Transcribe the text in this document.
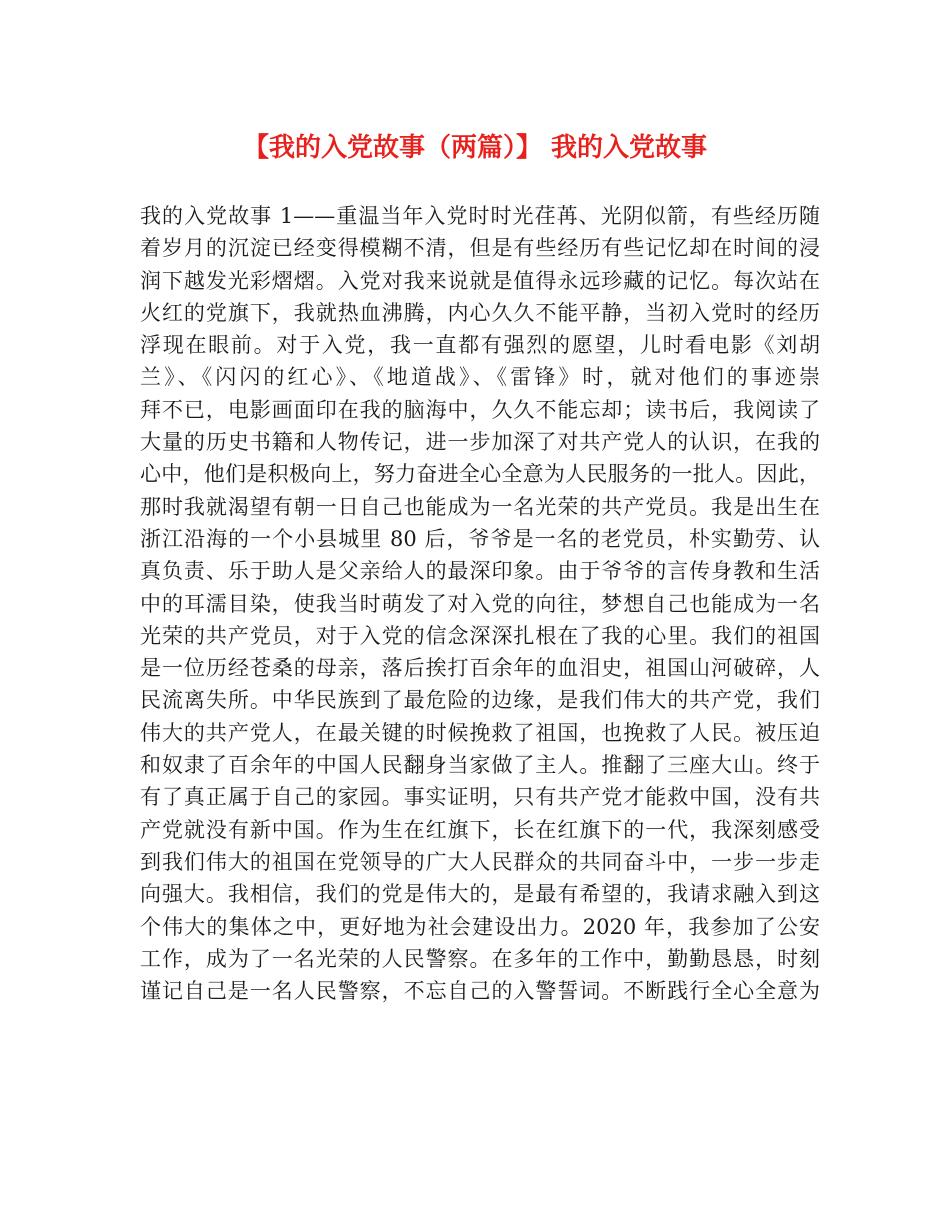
【我的入党故事（两篇）】 我的入党故事
我的入党故事 1——重温当年入党时时光荏苒、光阴似箭，有些经历随
着岁月的沉淀已经变得模糊不清，但是有些经历有些记忆却在时间的浸
润下越发光彩熠熠。入党对我来说就是值得永远珍藏的记忆。每次站在
火红的党旗下，我就热血沸腾，内心久久不能平静，当初入党时的经历
浮现在眼前。对于入党，我一直都有强烈的愿望，儿时看电影《刘胡
兰》、《闪闪的红心》、《地道战》、《雷锋》时，就对他们的事迹崇
拜不已，电影画面印在我的脑海中，久久不能忘却；读书后，我阅读了
大量的历史书籍和人物传记，进一步加深了对共产党人的认识，在我的
心中，他们是积极向上，努力奋进全心全意为人民服务的一批人。因此，
那时我就渴望有朝一日自己也能成为一名光荣的共产党员。我是出生在
浙江沿海的一个小县城里 80 后，爷爷是一名的老党员，朴实勤劳、认
真负责、乐于助人是父亲给人的最深印象。由于爷爷的言传身教和生活
中的耳濡目染，使我当时萌发了对入党的向往，梦想自己也能成为一名
光荣的共产党员，对于入党的信念深深扎根在了我的心里。我们的祖国
是一位历经苍桑的母亲，落后挨打百余年的血泪史，祖国山河破碎，人
民流离失所。中华民族到了最危险的边缘，是我们伟大的共产党，我们
伟大的共产党人，在最关键的时候挽救了祖国，也挽救了人民。被压迫
和奴隶了百余年的中国人民翻身当家做了主人。推翻了三座大山。终于
有了真正属于自己的家园。事实证明，只有共产党才能救中国，没有共
产党就没有新中国。作为生在红旗下，长在红旗下的一代，我深刻感受
到我们伟大的祖国在党领导的广大人民群众的共同奋斗中，一步一步走
向强大。我相信，我们的党是伟大的，是最有希望的，我请求融入到这
个伟大的集体之中，更好地为社会建设出力。2020 年，我参加了公安
工作，成为了一名光荣的人民警察。在多年的工作中，勤勤恳恳，时刻
谨记自己是一名人民警察，不忘自己的入警誓词。不断践行全心全意为
